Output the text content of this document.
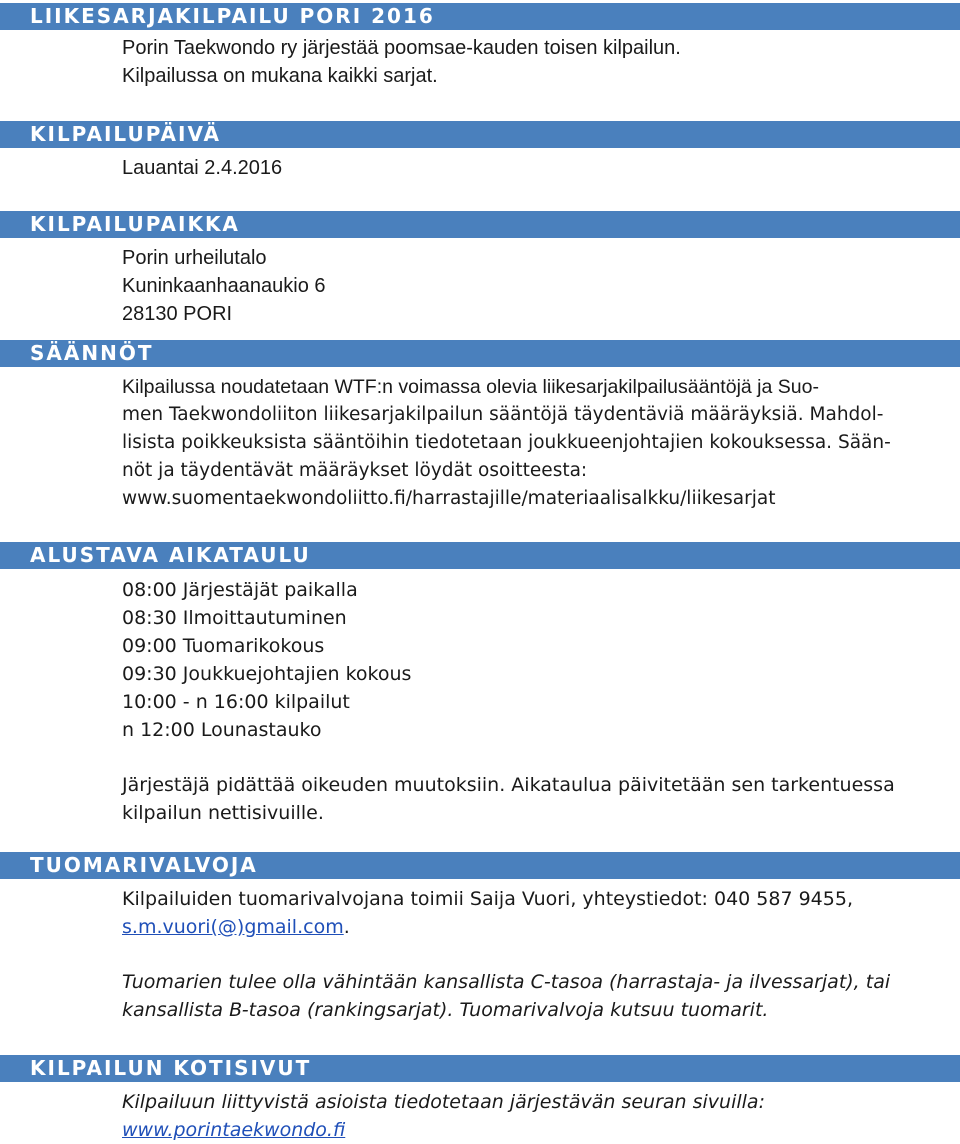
LIIKESARJAKILPAILU PORI 2016
Porin Taekwondo ry järjestää poomsae-kauden toisen kilpailun.
Kilpailussa on mukana kaikki sarjat.
KILPAILUPÄIVÄ
Lauantai 2.4.2016
KILPAILUPAIKKA
Porin urheilutalo
Kuninkaanhaanaukio 6
28130 PORI
SÄÄNNÖT
Kilpailussa noudatetaan WTF:n voimassa olevia liikesarjakilpailusääntöjä ja Suo-
men Taekwondoliiton liikesarjakilpailun sääntöjä täydentäviä määräyksiä. Mahdol-
lisista poikkeuksista sääntöihin tiedotetaan joukkueenjohtajien kokouksessa. Sään-
nöt ja täydentävät määräykset löydät osoitteesta:
www.suomentaekwondoliitto.fi/harrastajille/materiaalisalkku/liikesarjat
ALUSTAVA AIKATAULU
08:00 Järjestäjät paikalla
08:30 Ilmoittautuminen
09:00 Tuomarikokous
09:30 Joukkuejohtajien kokous
10:00 - n 16:00 kilpailut
n 12:00 Lounastauko
Järjestäjä pidättää oikeuden muutoksiin. Aikataulua päivitetään sen tarkentuessa
kilpailun nettisivuille.
TUOMARIVALVOJA
Kilpailuiden tuomarivalvojana toimii Saija Vuori, yhteystiedot: 040 587 9455,
s.m.vuori(@)gmail.com.
Tuomarien tulee olla vähintään kansallista C-tasoa (harrastaja- ja ilvessarjat), tai
kansallista B-tasoa (rankingsarjat). Tuomarivalvoja kutsuu tuomarit.
KILPAILUN KOTISIVUT
Kilpailuun liittyvistä asioista tiedotetaan järjestävän seuran sivuilla:
www.porintaekwondo.fi
